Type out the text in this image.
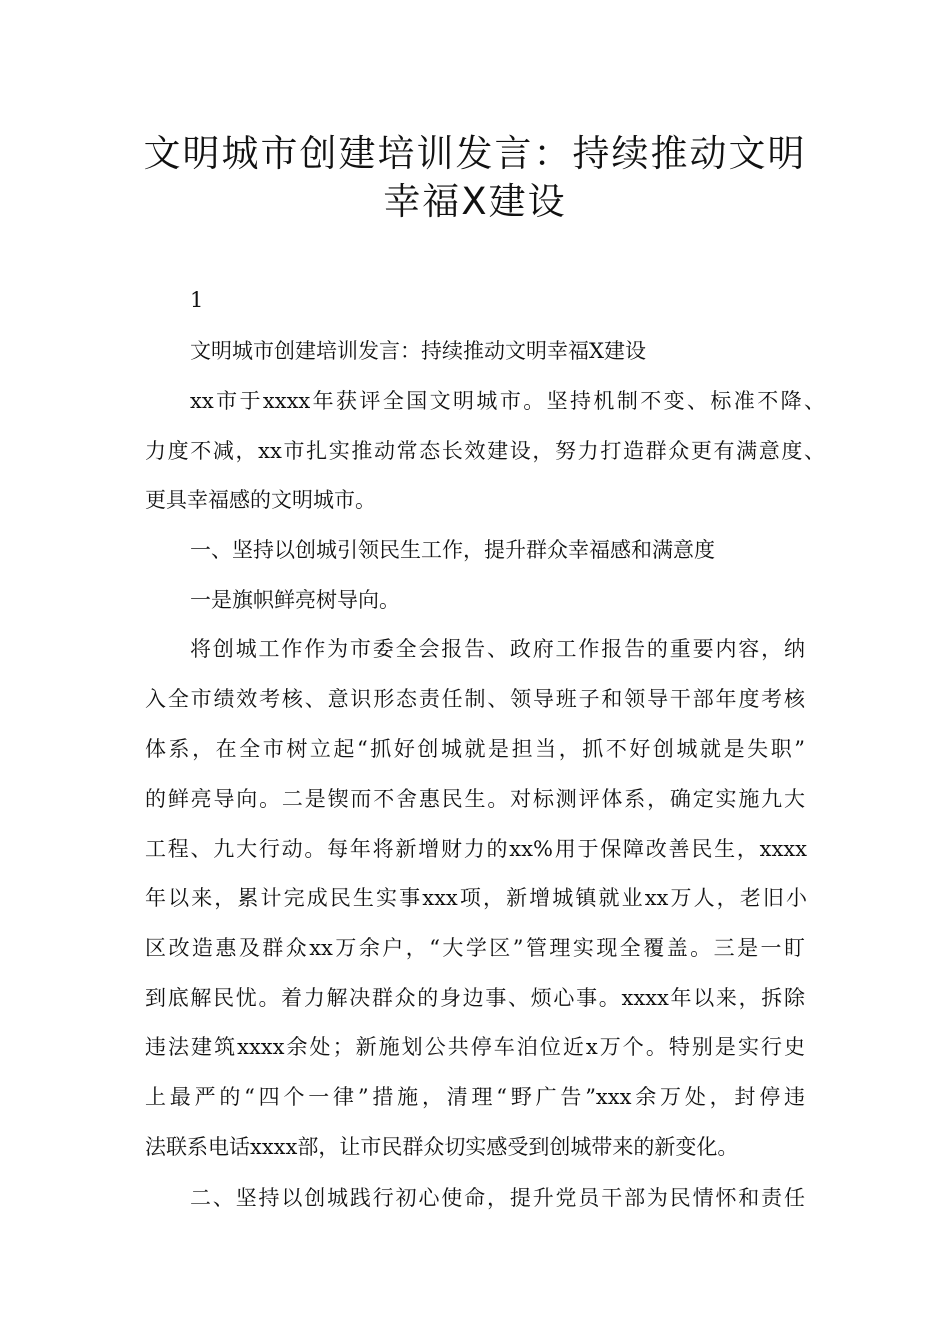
文明城市创建培训发言：持续推动文明
幸福X建设
1
文明城市创建培训发言：持续推动文明幸福X建设
xx市于xxxx年获评全国文明城市。坚持机制不变、标准不降、
力度不减，xx市扎实推动常态长效建设，努力打造群众更有满意度、
更具幸福感的文明城市。
一、坚持以创城引领民生工作，提升群众幸福感和满意度
一是旗帜鲜亮树导向。
将创城工作作为市委全会报告、政府工作报告的重要内容，纳
入全市绩效考核、意识形态责任制、领导班子和领导干部年度考核
体系，在全市树立起“抓好创城就是担当，抓不好创城就是失职”
的鲜亮导向。二是锲而不舍惠民生。对标测评体系，确定实施九大
工程、九大行动。每年将新增财力的xx%用于保障改善民生，xxxx
年以来，累计完成民生实事xxx项，新增城镇就业xx万人，老旧小
区改造惠及群众xx万余户，“大学区”管理实现全覆盖。三是一盯
到底解民忧。着力解决群众的身边事、烦心事。xxxx年以来，拆除
违法建筑xxxx余处；新施划公共停车泊位近x万个。特别是实行史
上最严的“四个一律”措施，清理“野广告”xxx余万处，封停违
法联系电话xxxx部，让市民群众切实感受到创城带来的新变化。
二、坚持以创城践行初心使命，提升党员干部为民情怀和责任
